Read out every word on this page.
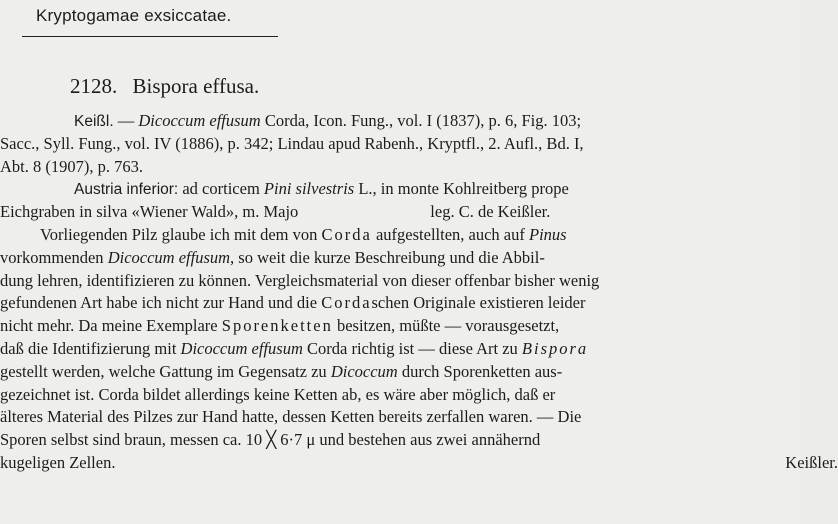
Kryptogamae exsiccatae.
2128. Bispora effusa.
Keißl. — Dicoccum effusum Corda, Icon. Fung., vol. I (1837), p. 6, Fig. 103;
Sacc., Syll. Fung., vol. IV (1886), p. 342; Lindau apud Rabenh., Kryptfl., 2. Aufl., Bd. I,
Abt. 8 (1907), p. 763.
Austria inferior: ad corticem Pini silvestris L., in monte Kohlreitberg prope
Eichgraben in silva «Wiener Wald», m. Majo	leg. C. de Keißler.
Vorliegenden Pilz glaube ich mit dem von Corda aufgestellten, auch auf Pinus
vorkommenden Dicoccum effusum, so weit die kurze Beschreibung und die Abbil-
dung lehren, identifizieren zu können. Vergleichsmaterial von dieser offenbar bisher wenig
gefundenen Art habe ich nicht zur Hand und die Cordaschen Originale existieren leider
nicht mehr. Da meine Exemplare Sporenketten besitzen, müßte — vorausgesetzt,
daß die Identifizierung mit Dicoccum effusum Corda richtig ist — diese Art zu Bispora
gestellt werden, welche Gattung im Gegensatz zu Dicoccum durch Sporenketten aus-
gezeichnet ist. Corda bildet allerdings keine Ketten ab, es wäre aber möglich, daß er
älteres Material des Pilzes zur Hand hatte, dessen Ketten bereits zerfallen waren. — Die
Sporen selbst sind braun, messen ca. 10 ╳ 6·7 μ und bestehen aus zwei annähernd
kugeligen Zellen.	Keißler.
